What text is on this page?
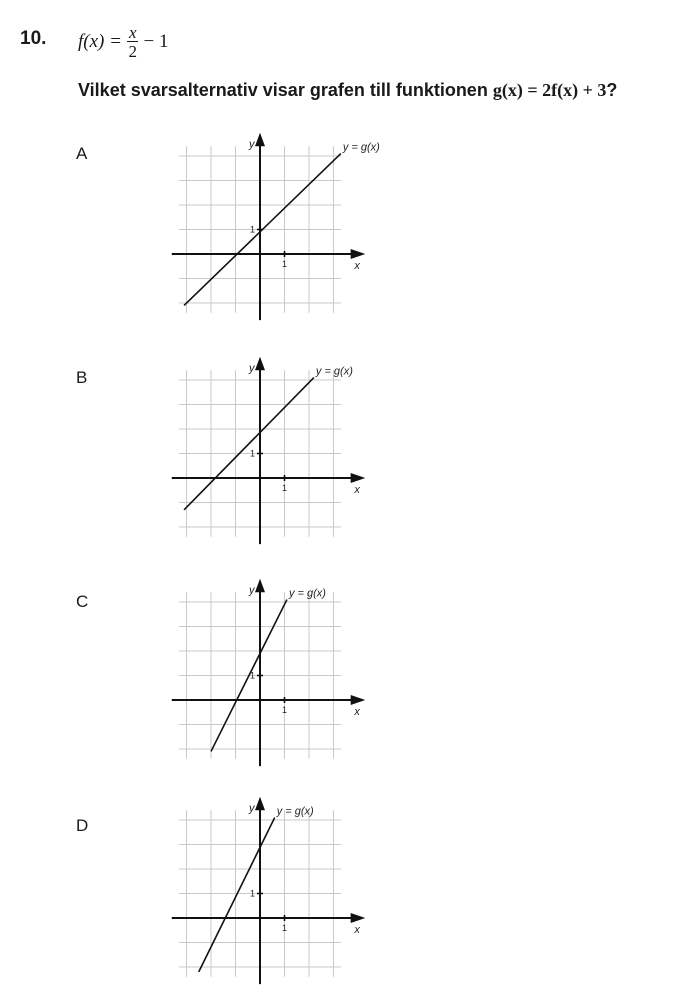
10. $f(x) = \frac{x}{2} - 1$
Vilket svarsalternativ visar grafen till funktionen g(x) = 2f(x) + 3?
A
1
1
x
y	y = g(x)
B
1
1
x
y	y = g(x)
C
1
1
x
y	y = g(x)
D
1
1
x
y y = g(x)
